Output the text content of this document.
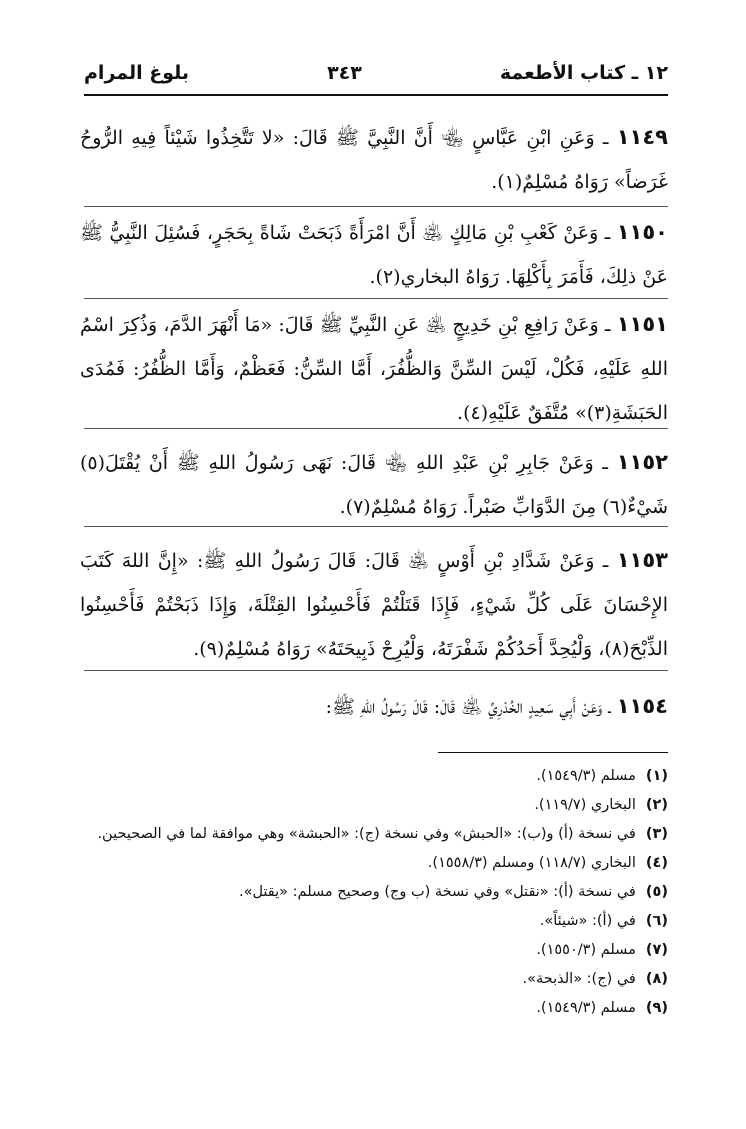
١٢ ـ كتاب الأطعمة
٣٤٣
بلوغ المرام
١١٤٩ ـ وَعَنِ ابْنِ عَبَّاسٍ ﵄ أَنَّ النَّبِيَّ ﷺ قَالَ: «لا تَتَّخِذُوا شَيْئاً فِيهِ الرُّوحُ غَرَضاً» رَوَاهُ مُسْلِمٌ(١).
١١٥٠ ـ وَعَنْ كَعْبِ بْنِ مَالِكٍ ﵁ أَنَّ امْرَأَةً ذَبَحَتْ شَاةً بِحَجَرٍ، فَسُئِلَ النَّبِيُّ ﷺ عَنْ ذلِكَ، فَأَمَرَ بِأَكْلِهَا. رَوَاهُ البخاري(٢).
١١٥١ ـ وَعَنْ رَافِعِ بْنِ خَدِيجٍ ﵁ عَنِ النَّبِيِّ ﷺ قَالَ: «مَا أَنْهَرَ الدَّمَ، وَذُكِرَ اسْمُ اللهِ عَلَيْهِ، فَكُلْ، لَيْسَ السِّنَّ وَالظُّفُرَ، أَمَّا السِّنُّ: فَعَظْمٌ، وَأَمَّا الظُّفُرُ: فَمُدَى الحَبَشَةِ(٣)» مُتَّفَقٌ عَلَيْهِ(٤).
١١٥٢ ـ وَعَنْ جَابِرِ بْنِ عَبْدِ اللهِ ﵄ قَالَ: نَهَى رَسُولُ اللهِ ﷺ أَنْ يُقْتَلَ(٥) شَيْءٌ(٦) مِنَ الدَّوَابِّ صَبْراً. رَوَاهُ مُسْلِمٌ(٧).
١١٥٣ ـ وَعَنْ شَدَّادِ بْنِ أَوْسٍ ﵁ قَالَ: قَالَ رَسُولُ اللهِ ﷺ: «إِنَّ اللهَ كَتَبَ الإِحْسَانَ عَلَى كُلِّ شَيْءٍ، فَإِذَا قَتَلْتُمْ فَأَحْسِنُوا القِتْلَةَ، وَإِذَا ذَبَحْتُمْ فَأَحْسِنُوا الذِّبْحَ(٨)، وَلْيُحِدَّ أَحَدُكُمْ شَفْرَتَهُ، وَلْيُرِحْ ذَبِيحَتَهُ» رَوَاهُ مُسْلِمٌ(٩).
١١٥٤ ـ وَعَنْ أَبِي سَعِيدٍ الخُدْرِيِّ ﵁ قَالَ: قَالَ رَسُولُ اللهِ ﷺ:
(١)
مسلم (١٥٤٩/٣).
(٢)
البخاري (١١٩/٧).
(٣)
في نسخة (أ) و(ب): «الحبش» وفي نسخة (ج): «الحبشة» وهي موافقة لما في الصحيحين.
(٤)
البخاري (١١٨/٧) ومسلم (١٥٥٨/٣).
(٥)
في نسخة (أ): «نقتل» وفي نسخة (ب وج) وصحيح مسلم: «يقتل».
(٦)
في (أ): «شيئاً».
(٧)
مسلم (١٥٥٠/٣).
(٨)
في (ج): «الذبحة».
(٩)
مسلم (١٥٤٩/٣).
